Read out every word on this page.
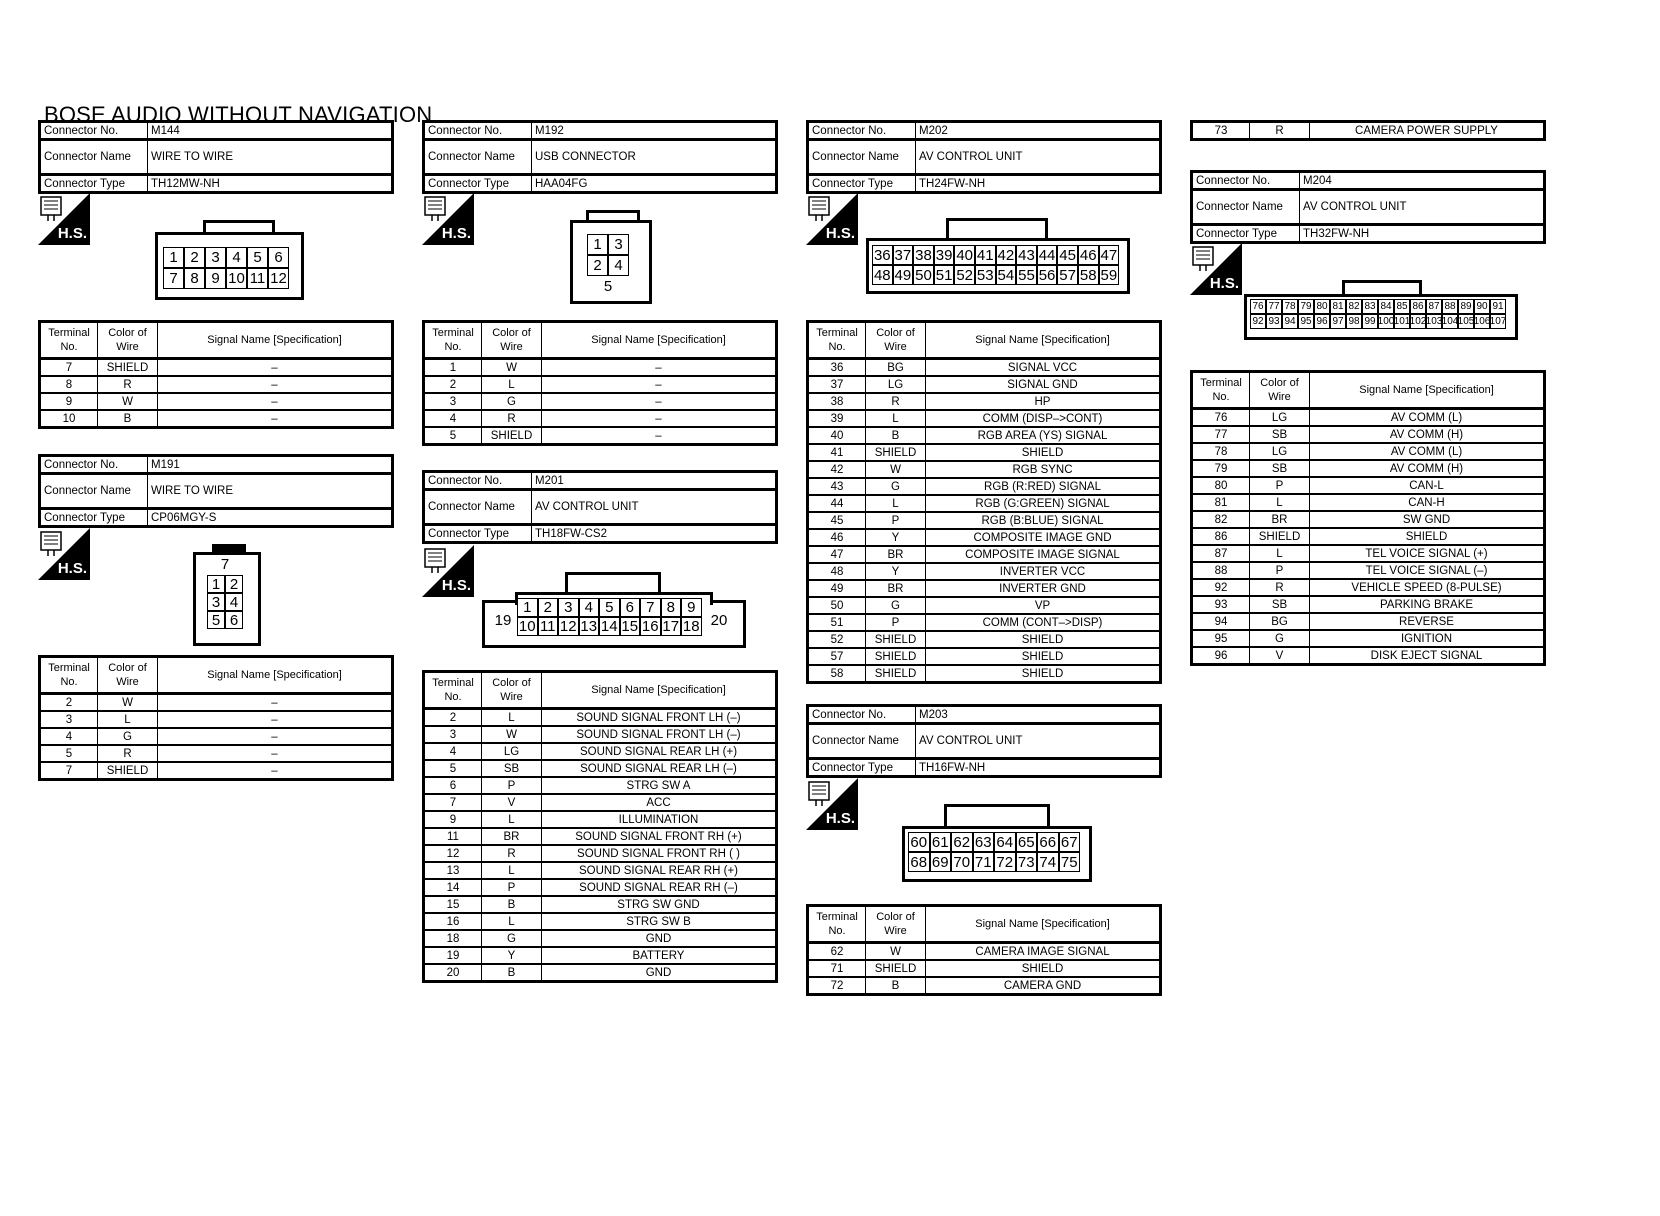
BOSE AUDIO WITHOUT NAVIGATION
Connector No.	M144
Connector Name	WIRE TO WIRE
Connector Type	TH12MW-NH
H.S.
1 2 3 4 5 6
7 8 9 10 11 12
Terminal No.	Color of Wire	Signal Name [Specification]
7	SHIELD	–
8	R	–
9	W	–
10	B	–
Connector No.	M191
Connector Name	WIRE TO WIRE
Connector Type	CP06MGY-S
H.S.	7
1 2
3 4
5 6
Terminal No.	Color of Wire	Signal Name [Specification]
2	W	–
3	L	–
4	G	–
5	R	–
7	SHIELD	–
Connector No.	M192
Connector Name	USB CONNECTOR
Connector Type	HAA04FG
H.S.
1 3
2 4
5
Terminal No.	Color of Wire	Signal Name [Specification]
1	W	–
2	L	–
3	G	–
4	R	–
5	SHIELD	–
Connector No.	M201
Connector Name	AV CONTROL UNIT
Connector Type	TH18FW-CS2
H.S.
19	20
1 2 3 4 5 6 7 8 9
10 11 12 13 14 15 16 17 18
Terminal No.	Color of Wire	Signal Name [Specification]
2	L	SOUND SIGNAL FRONT LH (–)
3	W	SOUND SIGNAL FRONT LH (–)
4	LG	SOUND SIGNAL REAR LH (+)
5	SB	SOUND SIGNAL REAR LH (–)
6	P	STRG SW A
7	V	ACC
9	L	ILLUMINATION
11	BR	SOUND SIGNAL FRONT RH (+)
12	R	SOUND SIGNAL FRONT RH ( )
13	L	SOUND SIGNAL REAR RH (+)
14	P	SOUND SIGNAL REAR RH (–)
15	B	STRG SW GND
16	L	STRG SW B
18	G	GND
19	Y	BATTERY
20	B	GND
Connector No.	M202
Connector Name	AV CONTROL UNIT
Connector Type	TH24FW-NH
H.S.
36 37 38 39 40 41 42 43 44 45 46 47
48 49 50 51 52 53 54 55 56 57 58 59
Terminal No.	Color of Wire	Signal Name [Specification]
36	BG	SIGNAL VCC
37	LG	SIGNAL GND
38	R	HP
39	L	COMM (DISP–>CONT)
40	B	RGB AREA (YS) SIGNAL
41	SHIELD	SHIELD
42	W	RGB SYNC
43	G	RGB (R:RED) SIGNAL
44	L	RGB (G:GREEN) SIGNAL
45	P	RGB (B:BLUE) SIGNAL
46	Y	COMPOSITE IMAGE GND
47	BR	COMPOSITE IMAGE SIGNAL
48	Y	INVERTER VCC
49	BR	INVERTER GND
50	G	VP
51	P	COMM (CONT–>DISP)
52	SHIELD	SHIELD
57	SHIELD	SHIELD
58	SHIELD	SHIELD
Connector No.	M203
Connector Name	AV CONTROL UNIT
Connector Type	TH16FW-NH
H.S.
60 61 62 63 64 65 66 67
68 69 70 71 72 73 74 75
Terminal No.	Color of Wire	Signal Name [Specification]
62	W	CAMERA IMAGE SIGNAL
71	SHIELD	SHIELD
72	B	CAMERA GND
73	R	CAMERA POWER SUPPLY
Connector No.	M204
Connector Name	AV CONTROL UNIT
Connector Type	TH32FW-NH
H.S.
76 77 78 79 80 81 82 83 84 85 86 87 88 89 90 91
92 93 94 95 96 97 98 99 100 101 102 103 104 105 106 107
Terminal No.	Color of Wire	Signal Name [Specification]
76	LG	AV COMM (L)
77	SB	AV COMM (H)
78	LG	AV COMM (L)
79	SB	AV COMM (H)
80	P	CAN-L
81	L	CAN-H
82	BR	SW GND
86	SHIELD	SHIELD
87	L	TEL VOICE SIGNAL (+)
88	P	TEL VOICE SIGNAL (–)
92	R	VEHICLE SPEED (8-PULSE)
93	SB	PARKING BRAKE
94	BG	REVERSE
95	G	IGNITION
96	V	DISK EJECT SIGNAL
